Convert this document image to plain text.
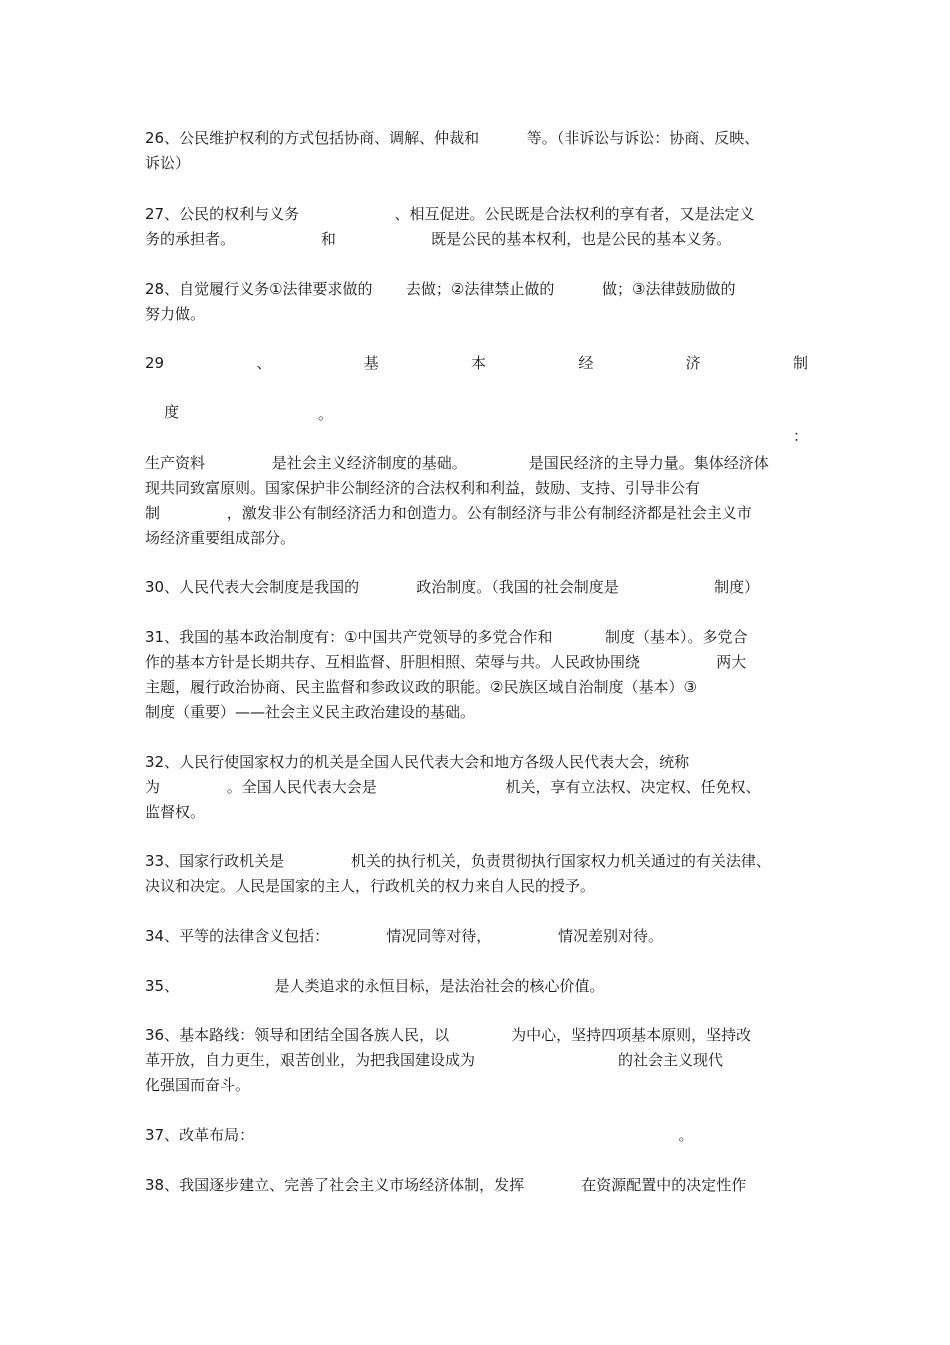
26、公民维护权利的方式包括协商、调解、仲裁和          等。（非诉讼与诉讼：协商、反映、
诉讼）
27、公民的权利与义务                    、相互促进。公民既是合法权利的享有者，又是法定义
务的承担者。                  和                    既是公民的基本权利，也是公民的基本义务。
28、自觉履行义务①法律要求做的       去做；②法律禁止做的          做；③法律鼓励做的
努力做。
29	、	基	本	经	济	制

度

：

。
生产资料              是社会主义经济制度的基础。             是国民经济的主导力量。集体经济体
现共同致富原则。国家保护非公制经济的合法权利和利益，鼓励、支持、引导非公有
制              ，激发非公有制经济活力和创造力。公有制经济与非公有制经济都是社会主义市
场经济重要组成部分。
30、人民代表大会制度是我国的            政治制度。（我国的社会制度是                    制度）
31、我国的基本政治制度有：①中国共产党领导的多党合作和           制度（基本）。多党合
作的基本方针是长期共存、互相监督、肝胆相照、荣辱与共。人民政协围绕                两大
主题，履行政治协商、民主监督和参政议政的职能。②民族区域自治制度（基本）③
制度（重要）——社会主义民主政治建设的基础。
32、人民行使国家权力的机关是全国人民代表大会和地方各级人民代表大会，统称
为              。全国人民代表大会是                           机关，享有立法权、决定权、任免权、
监督权。
33、国家行政机关是              机关的执行机关，负责贯彻执行国家权力机关通过的有关法律、
决议和决定。人民是国家的主人，行政机关的权力来自人民的授予。
34、平等的法律含义包括：            情况同等对待，              情况差别对待。
35、                    是人类追求的永恒目标，是法治社会的核心价值。
36、基本路线：领导和团结全国各族人民，以             为中心，坚持四项基本原则，坚持改
革开放，自力更生，艰苦创业，为把我国建设成为                              的社会主义现代
化强国而奋斗。
37、改革布局：                                                                                         。
38、我国逐步建立、完善了社会主义市场经济体制，发挥            在资源配置中的决定性作
